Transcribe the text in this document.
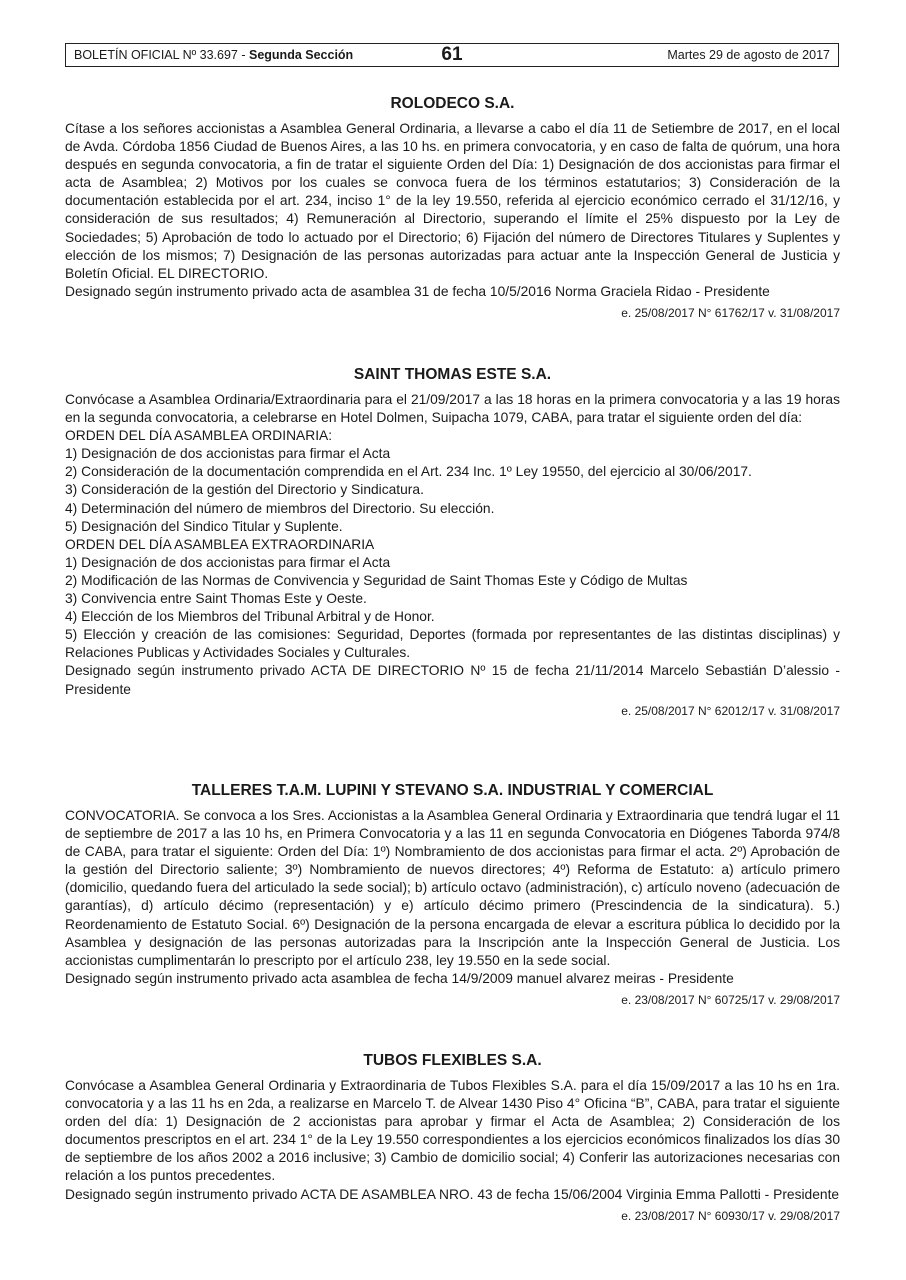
BOLETÍN OFICIAL Nº 33.697 - Segunda Sección	61	Martes 29 de agosto de 2017
ROLODECO S.A.

Cítase a los señores accionistas a Asamblea General Ordinaria, a llevarse a cabo el día 11 de Setiembre de 2017, en el local de Avda. Córdoba 1856 Ciudad de Buenos Aires, a las 10 hs. en primera convocatoria, y en caso de falta de quórum, una hora después en segunda convocatoria, a fin de tratar el siguiente Orden del Día: 1) Designación de dos accionistas para firmar el acta de Asamblea; 2) Motivos por los cuales se convoca fuera de los términos estatutarios; 3) Consideración de la documentación establecida por el art. 234, inciso 1° de la ley 19.550, referida al ejercicio económico cerrado el 31/12/16, y consideración de sus resultados; 4) Remuneración al Directorio, superando el límite el 25% dispuesto por la Ley de Sociedades; 5) Aprobación de todo lo actuado por el Directorio; 6) Fijación del número de Directores Titulares y Suplentes y elección de los mismos; 7) Designación de las personas autorizadas para actuar ante la Inspección General de Justicia y Boletín Oficial. EL DIRECTORIO.
Designado según instrumento privado acta de asamblea 31 de fecha 10/5/2016 Norma Graciela Ridao - Presidente

e. 25/08/2017 N° 61762/17 v. 31/08/2017
SAINT THOMAS ESTE S.A.
Convócase a Asamblea Ordinaria/Extraordinaria para el 21/09/2017 a las 18 horas en la primera convocatoria y a las 19 horas en la segunda convocatoria, a celebrarse en Hotel Dolmen, Suipacha 1079, CABA, para tratar el siguiente orden del día:
ORDEN DEL DÍA ASAMBLEA ORDINARIA:
1) Designación de dos accionistas para firmar el Acta
2) Consideración de la documentación comprendida en el Art. 234 Inc. 1º Ley 19550, del ejercicio al 30/06/2017.
3) Consideración de la gestión del Directorio y Sindicatura.
4) Determinación del número de miembros del Directorio. Su elección.
5) Designación del Sindico Titular y Suplente.
ORDEN DEL DÍA ASAMBLEA EXTRAORDINARIA
1) Designación de dos accionistas para firmar el Acta
2) Modificación de las Normas de Convivencia y Seguridad de Saint Thomas Este y Código de Multas
3) Convivencia entre Saint Thomas Este y Oeste.
4) Elección de los Miembros del Tribunal Arbitral y de Honor.
5) Elección y creación de las comisiones: Seguridad, Deportes (formada por representantes de las distintas disciplinas) y Relaciones Publicas y Actividades Sociales y Culturales.
Designado según instrumento privado ACTA DE DIRECTORIO Nº 15 de fecha 21/11/2014 Marcelo Sebastián D’alessio - Presidente
e. 25/08/2017 N° 62012/17 v. 31/08/2017
TALLERES T.A.M. LUPINI Y STEVANO S.A. INDUSTRIAL Y COMERCIAL

CONVOCATORIA. Se convoca a los Sres. Accionistas a la Asamblea General Ordinaria y Extraordinaria que tendrá lugar el 11 de septiembre de 2017 a las 10 hs, en Primera Convocatoria y a las 11 en segunda Convocatoria en Diógenes Taborda 974/8 de CABA, para tratar el siguiente: Orden del Día: 1º) Nombramiento de dos accionistas para firmar el acta. 2º) Aprobación de la gestión del Directorio saliente; 3º) Nombramiento de nuevos directores; 4º) Reforma de Estatuto: a) artículo primero (domicilio, quedando fuera del articulado la sede social); b) artículo octavo (administración), c) artículo noveno (adecuación de garantías), d) artículo décimo (representación) y e) artículo décimo primero (Prescindencia de la sindicatura). 5.) Reordenamiento de Estatuto Social. 6º) Designación de la persona encargada de elevar a escritura pública lo decidido por la Asamblea y designación de las personas autorizadas para la Inscripción ante la Inspección General de Justicia. Los accionistas cumplimentarán lo prescripto por el artículo 238, ley 19.550 en la sede social.
Designado según instrumento privado acta asamblea de fecha 14/9/2009 manuel alvarez meiras - Presidente

e. 23/08/2017 N° 60725/17 v. 29/08/2017
TUBOS FLEXIBLES S.A.

Convócase a Asamblea General Ordinaria y Extraordinaria de Tubos Flexibles S.A. para el día 15/09/2017 a las 10 hs en 1ra. convocatoria y a las 11 hs en 2da, a realizarse en Marcelo T. de Alvear 1430 Piso 4° Oficina “B”, CABA, para tratar el siguiente orden del día: 1) Designación de 2 accionistas para aprobar y firmar el Acta de Asamblea; 2) Consideración de los documentos prescriptos en el art. 234 1° de la Ley 19.550 correspondientes a los ejercicios económicos finalizados los días 30 de septiembre de los años 2002 a 2016 inclusive; 3) Cambio de domicilio social; 4) Conferir las autorizaciones necesarias con relación a los puntos precedentes.
Designado según instrumento privado ACTA DE ASAMBLEA NRO. 43 de fecha 15/06/2004 Virginia Emma Pallotti - Presidente

e. 23/08/2017 N° 60930/17 v. 29/08/2017
